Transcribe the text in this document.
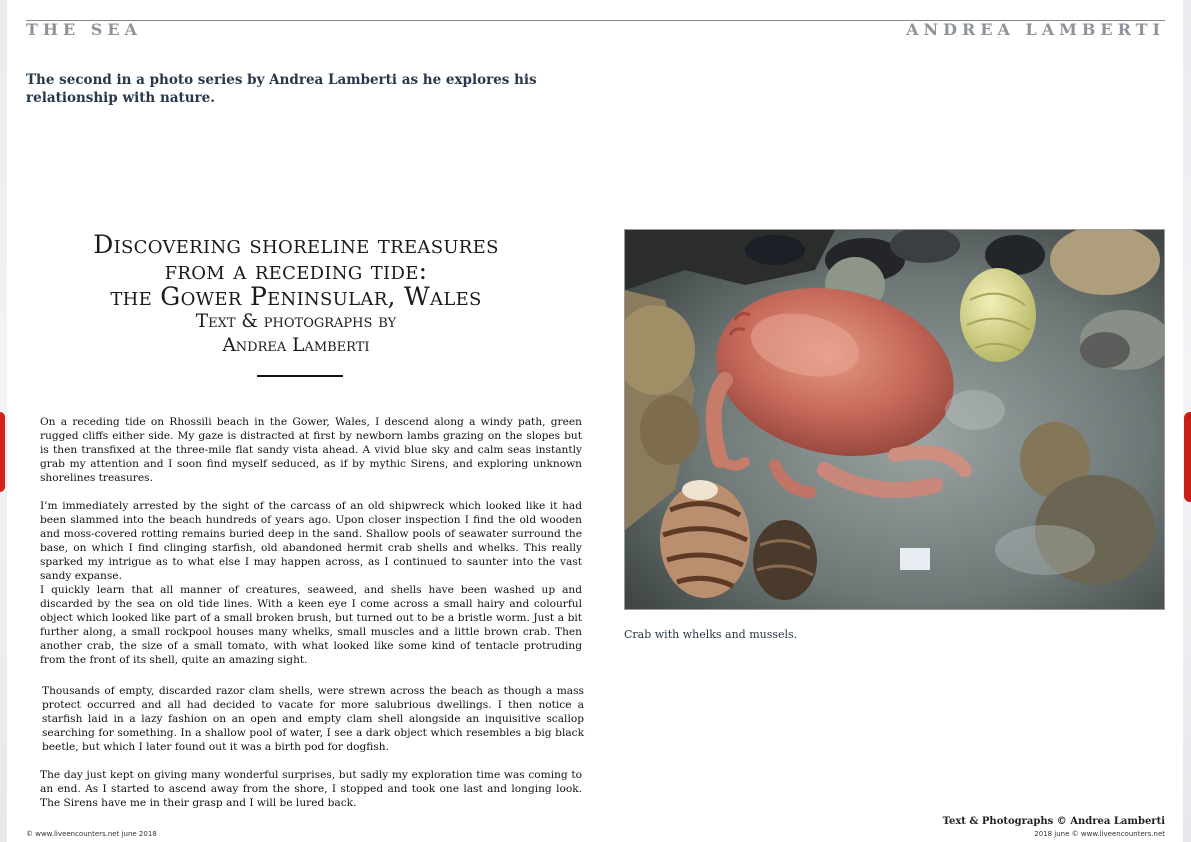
THE SEA	ANDREA LAMBERTI
The second in a photo series by Andrea Lamberti as he explores his relationship with nature.
Discovering shoreline treasures
from a receding tide:
the Gower Peninsular, Wales
Text & photographs by
Andrea Lamberti

On a receding tide on Rhossili beach in the Gower, Wales, I descend along a windy path, green rugged cliffs either side. My gaze is distracted at first by newborn lambs grazing on the slopes but is then transfixed at the three-mile flat sandy vista ahead. A vivid blue sky and calm seas instantly grab my attention and I soon find myself seduced, as if by mythic Sirens, and exploring unknown shorelines treasures.

I’m immediately arrested by the sight of the carcass of an old shipwreck which looked like it had been slammed into the beach hundreds of years ago. Upon closer inspection I find the old wooden and moss-covered rotting remains buried deep in the sand. Shallow pools of seawater surround the base, on which I find clinging starfish, old abandoned hermit crab shells and whelks. This really sparked my intrigue as to what else I may happen across, as I continued to saunter into the vast sandy expanse.

I quickly learn that all manner of creatures, seaweed, and shells have been washed up and discarded by the sea on old tide lines. With a keen eye I come across a small hairy and colourful object which looked like part of a small broken brush, but turned out to be a bristle worm. Just a bit further along, a small rockpool houses many whelks, small muscles and a little brown crab. Then another crab, the size of a small tomato, with what looked like some kind of tentacle protruding from the front of its shell, quite an amazing sight.

Thousands of empty, discarded razor clam shells, were strewn across the beach as though a mass protect occurred and all had decided to vacate for more salubrious dwellings. I then notice a starfish laid in a lazy fashion on an open and empty clam shell alongside an inquisitive scallop searching for something. In a shallow pool of water, I see a dark object which resembles a big black beetle, but which I later found out it was a birth pod for dogfish.

The day just kept on giving many wonderful surprises, but sadly my exploration time was coming to an end. As I started to ascend away from the shore, I stopped and took one last and longing look. The Sirens have me in their grasp and I will be lured back.

Crab with whelks and mussels.
Text & Photographs © Andrea Lamberti
© www.liveencounters.net june 2018	2018 june © www.liveencounters.net
